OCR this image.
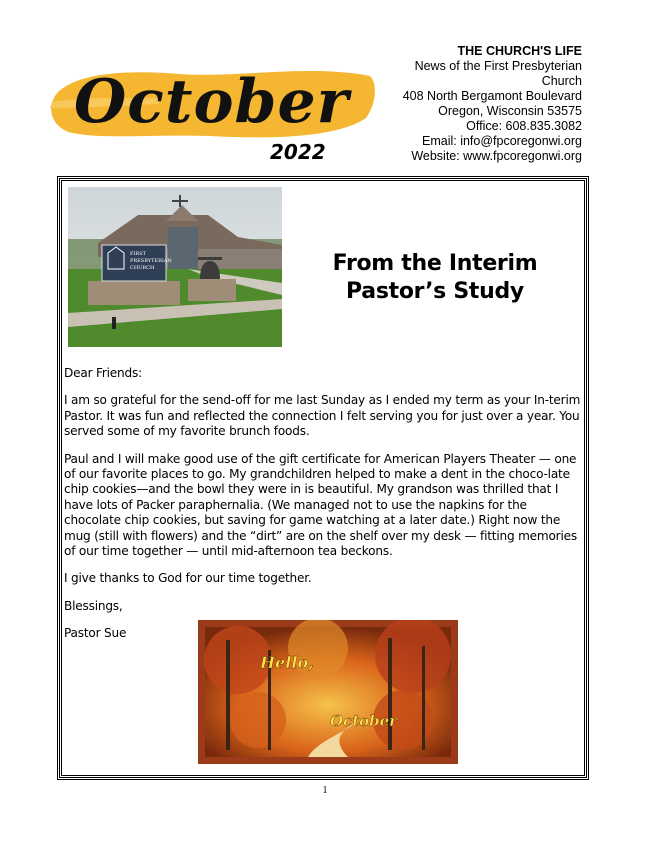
October
2022
THE CHURCH'S LIFE
News of the First Presbyterian Church
408 North Bergamont Boulevard
Oregon, Wisconsin 53575
Office: 608.835.3082
Email: info@fpcoregonwi.org
Website: www.fpcoregonwi.org
FIRST
PRESBYTERIAN
CHURCH	From the Interim Pastor’s Study

Dear Friends:

I am so grateful for the send-off for me last Sunday as I ended my term as your In-terim Pastor. It was fun and reflected the connection I felt serving you for just over a year. You served some of my favorite brunch foods.

Paul and I will make good use of the gift certificate for American Players Theater — one of our favorite places to go. My grandchildren helped to make a dent in the choco-late chip cookies—and the bowl they were in is beautiful. My grandson was thrilled that I have lots of Packer paraphernalia. (We managed not to use the napkins for the chocolate chip cookies, but saving for game watching at a later date.) Right now the mug (still with flowers) and the “dirt” are on the shelf over my desk — fitting memories of our time together — until mid-afternoon tea beckons.

I give thanks to God for our time together.

Blessings,

Pastor Sue

Hello,
October
1
